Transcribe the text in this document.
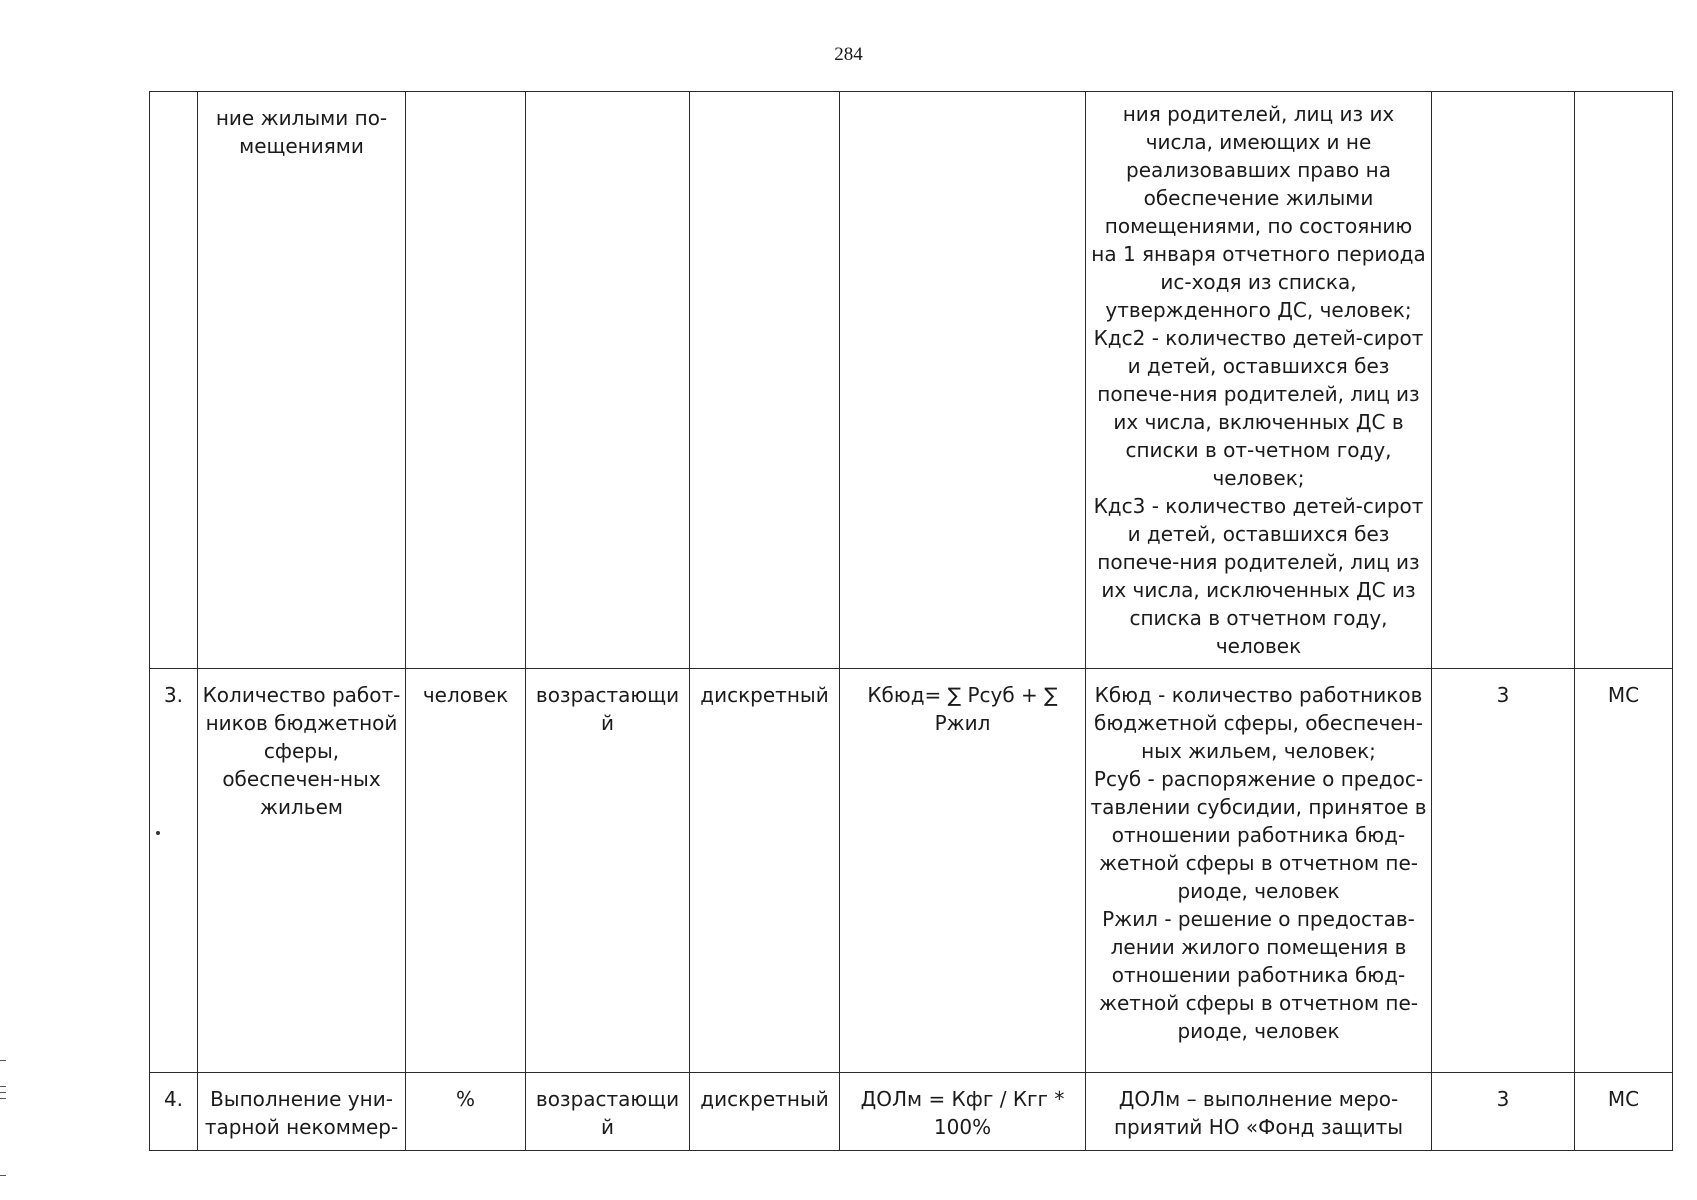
284
	ние жилыми по-мещениями					ния родителей, лиц из их числа, имеющих и не реализовавших право на обеспечение жилыми помещениями, по состоянию на 1 января отчетного периода ис-ходя из списка, утвержденного ДС, человек;
Кдс2 - количество детей-сирот и детей, оставшихся без попече-ния родителей, лиц из их числа, включенных ДС в списки в от-четном году, человек;
Кдс3 - количество детей-сирот и детей, оставшихся без попече-ния родителей, лиц из их числа, исключенных ДС из списка в отчетном году, человек		

3.	Количество работ-ников бюджетной сферы, обеспечен-ных жильем	человек	возрастающий	дискретный	Кбюд= ∑ Рсуб + ∑ Ржил	Кбюд - количество работников бюджетной сферы, обеспечен-ных жильем, человек;
Рсуб - распоряжение о предос-тавлении субсидии, принятое в отношении работника бюд-жетной сферы в отчетном пе-риоде, человек
Ржил - решение о предостав-лении жилого помещения в отношении работника бюд-жетной сферы в отчетном пе-риоде, человек	3	МС
4.	Выполнение уни-тарной некоммер-	%	возрастающий	дискретный	ДОЛм = Кфг / Кгг * 100%	ДОЛм – выполнение меро-приятий НО «Фонд защиты	3	МС
